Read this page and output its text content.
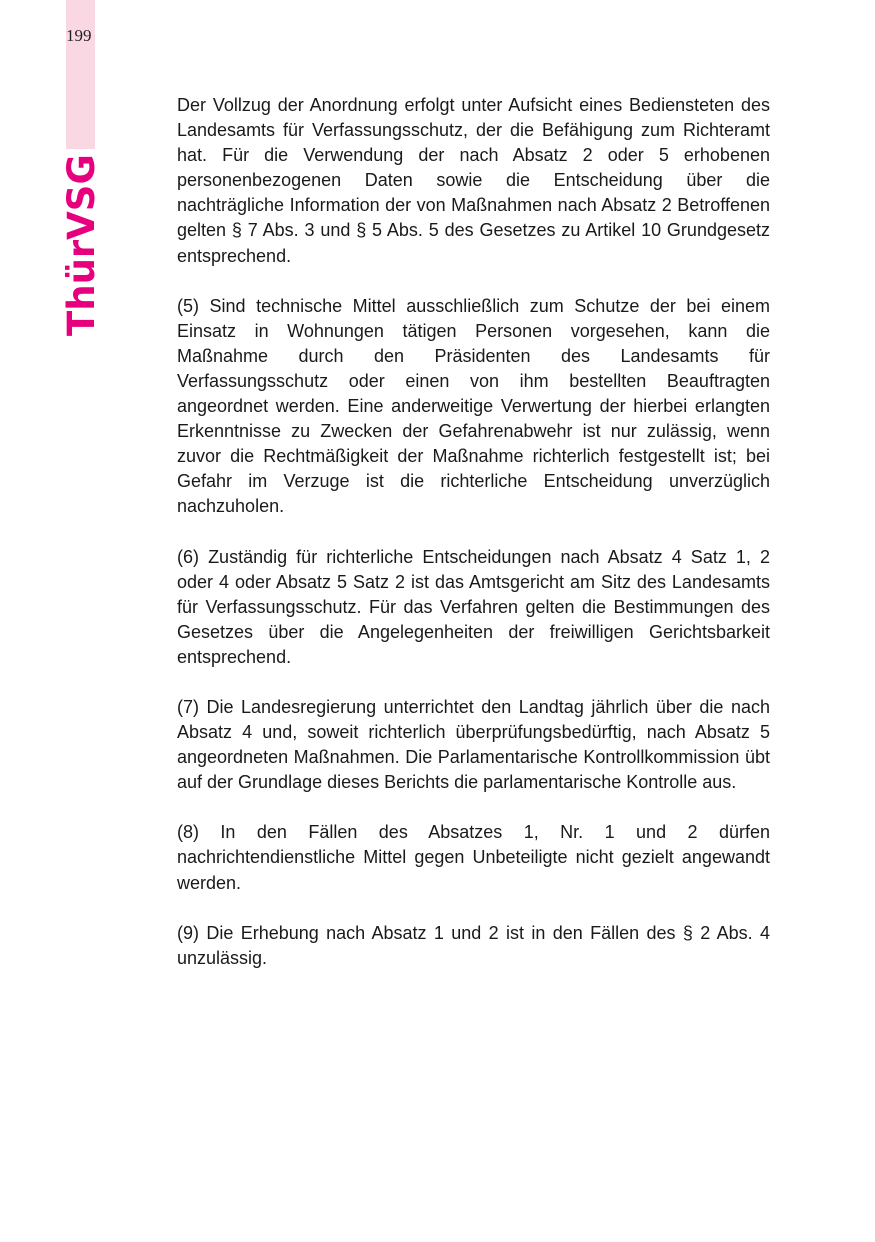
199
ThürVSG

Der Vollzug der Anordnung erfolgt unter Aufsicht eines Bediensteten des Landesamts für Verfassungsschutz, der die Befähigung zum Richteramt hat. Für die Verwendung der nach Absatz 2 oder 5 erhobenen personenbezogenen Daten sowie die Entscheidung über die nachträgliche Information der von Maßnahmen nach Absatz 2 Betroffenen gelten § 7 Abs. 3 und § 5 Abs. 5 des Gesetzes zu Artikel 10 Grundgesetz entsprechend.

(5) Sind technische Mittel ausschließlich zum Schutze der bei einem Einsatz in Wohnungen tätigen Personen vorgesehen, kann die Maßnahme durch den Präsidenten des Landesamts für Verfassungsschutz oder einen von ihm bestellten Beauftragten angeordnet werden. Eine anderweitige Verwertung der hierbei erlangten Erkenntnisse zu Zwecken der Gefahrenabwehr ist nur zulässig, wenn zuvor die Rechtmäßigkeit der Maßnahme richterlich festgestellt ist; bei Gefahr im Verzuge ist die richterliche Entscheidung unverzüglich nachzuholen.

(6) Zuständig für richterliche Entscheidungen nach Absatz 4 Satz 1, 2 oder 4 oder Absatz 5 Satz 2 ist das Amtsgericht am Sitz des Landesamts für Verfassungsschutz. Für das Verfahren gelten die Bestimmungen des Gesetzes über die Angelegenheiten der freiwilligen Gerichtsbarkeit entsprechend.

(7) Die Landesregierung unterrichtet den Landtag jährlich über die nach Absatz 4 und, soweit richterlich überprüfungsbedürftig, nach Absatz 5 angeordneten Maßnahmen. Die Parlamentarische Kontrollkommission übt auf der Grundlage dieses Berichts die parlamentarische Kontrolle aus.

(8) In den Fällen des Absatzes 1, Nr. 1 und 2 dürfen nachrichtendienstliche Mittel gegen Unbeteiligte nicht gezielt angewandt werden.

(9) Die Erhebung nach Absatz 1 und 2 ist in den Fällen des § 2 Abs. 4 unzulässig.
